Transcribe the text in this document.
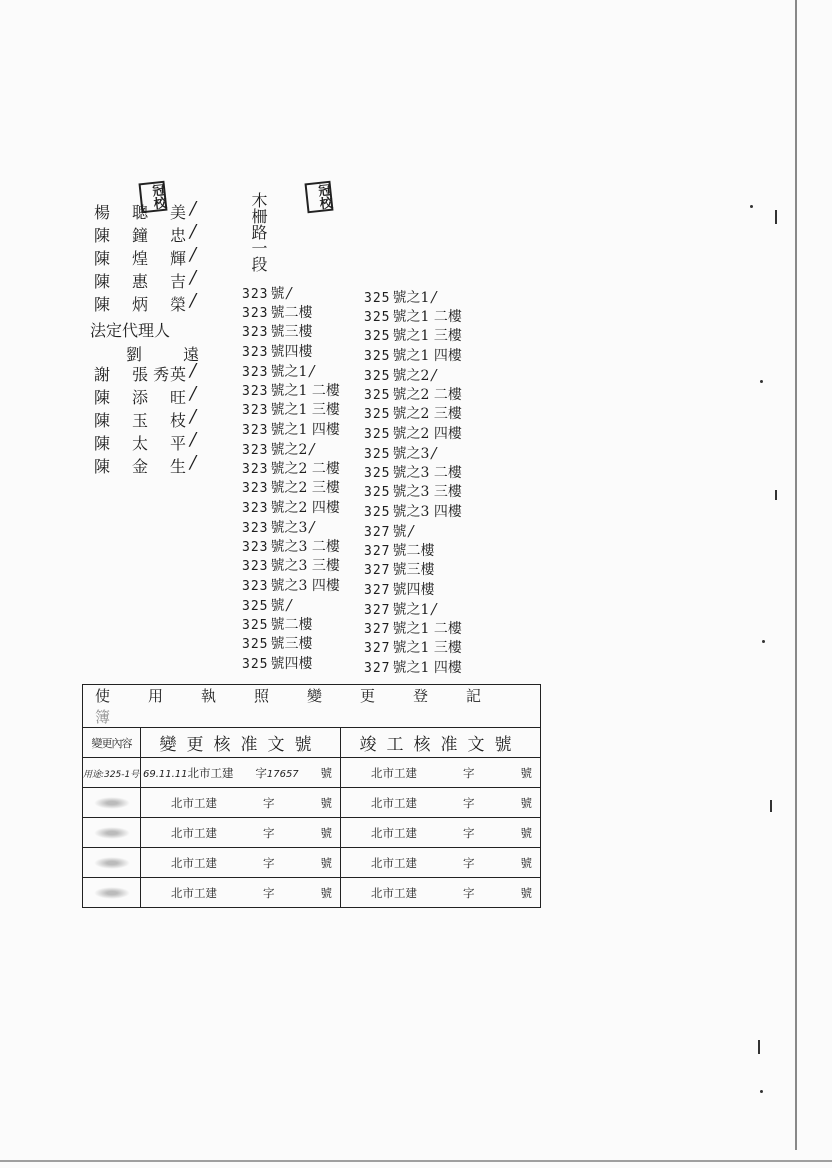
冠校	冠校
楊 聰 美 /
陳 鐘 忠 /
陳 煌 輝 /
陳 惠 吉 /
陳 炳 榮 /
法定代理人
劉 遠
謝 張 秀 英 /
陳 添 旺 /
陳 玉 枝 /
陳 太 平 /
陳 金 生 /
木柵路一段
323 號 /
323 號二樓
323 號三樓
323 號四樓
323 號之1 /
323 號之1 二樓
323 號之1 三樓
323 號之1 四樓
323 號之2 /
323 號之2 二樓
323 號之2 三樓
323 號之2 四樓
323 號之3 /
323 號之3 二樓
323 號之3 三樓
323 號之3 四樓
325 號 /
325 號二樓
325 號三樓
325 號四樓
325 號之1 /
325 號之1 二樓
325 號之1 三樓
325 號之1 四樓
325 號之2 /
325 號之2 二樓
325 號之2 三樓
325 號之2 四樓
325 號之3 /
325 號之3 二樓
325 號之3 三樓
325 號之3 四樓
327 號 /
327 號二樓
327 號三樓
327 號四樓
327 號之1 /
327 號之1 二樓
327 號之1 三樓
327 號之1 四樓
使用執照變更登記簿		
變更內容	變更核准文號	竣工核准文號
用途:325-1号	69.11.11北市工建 字17657 號	北市工建 字 號

	北市工建 字 號	北市工建 字 號

	北市工建 字 號	北市工建 字 號

	北市工建 字 號	北市工建 字 號

	北市工建 字 號	北市工建 字 號
